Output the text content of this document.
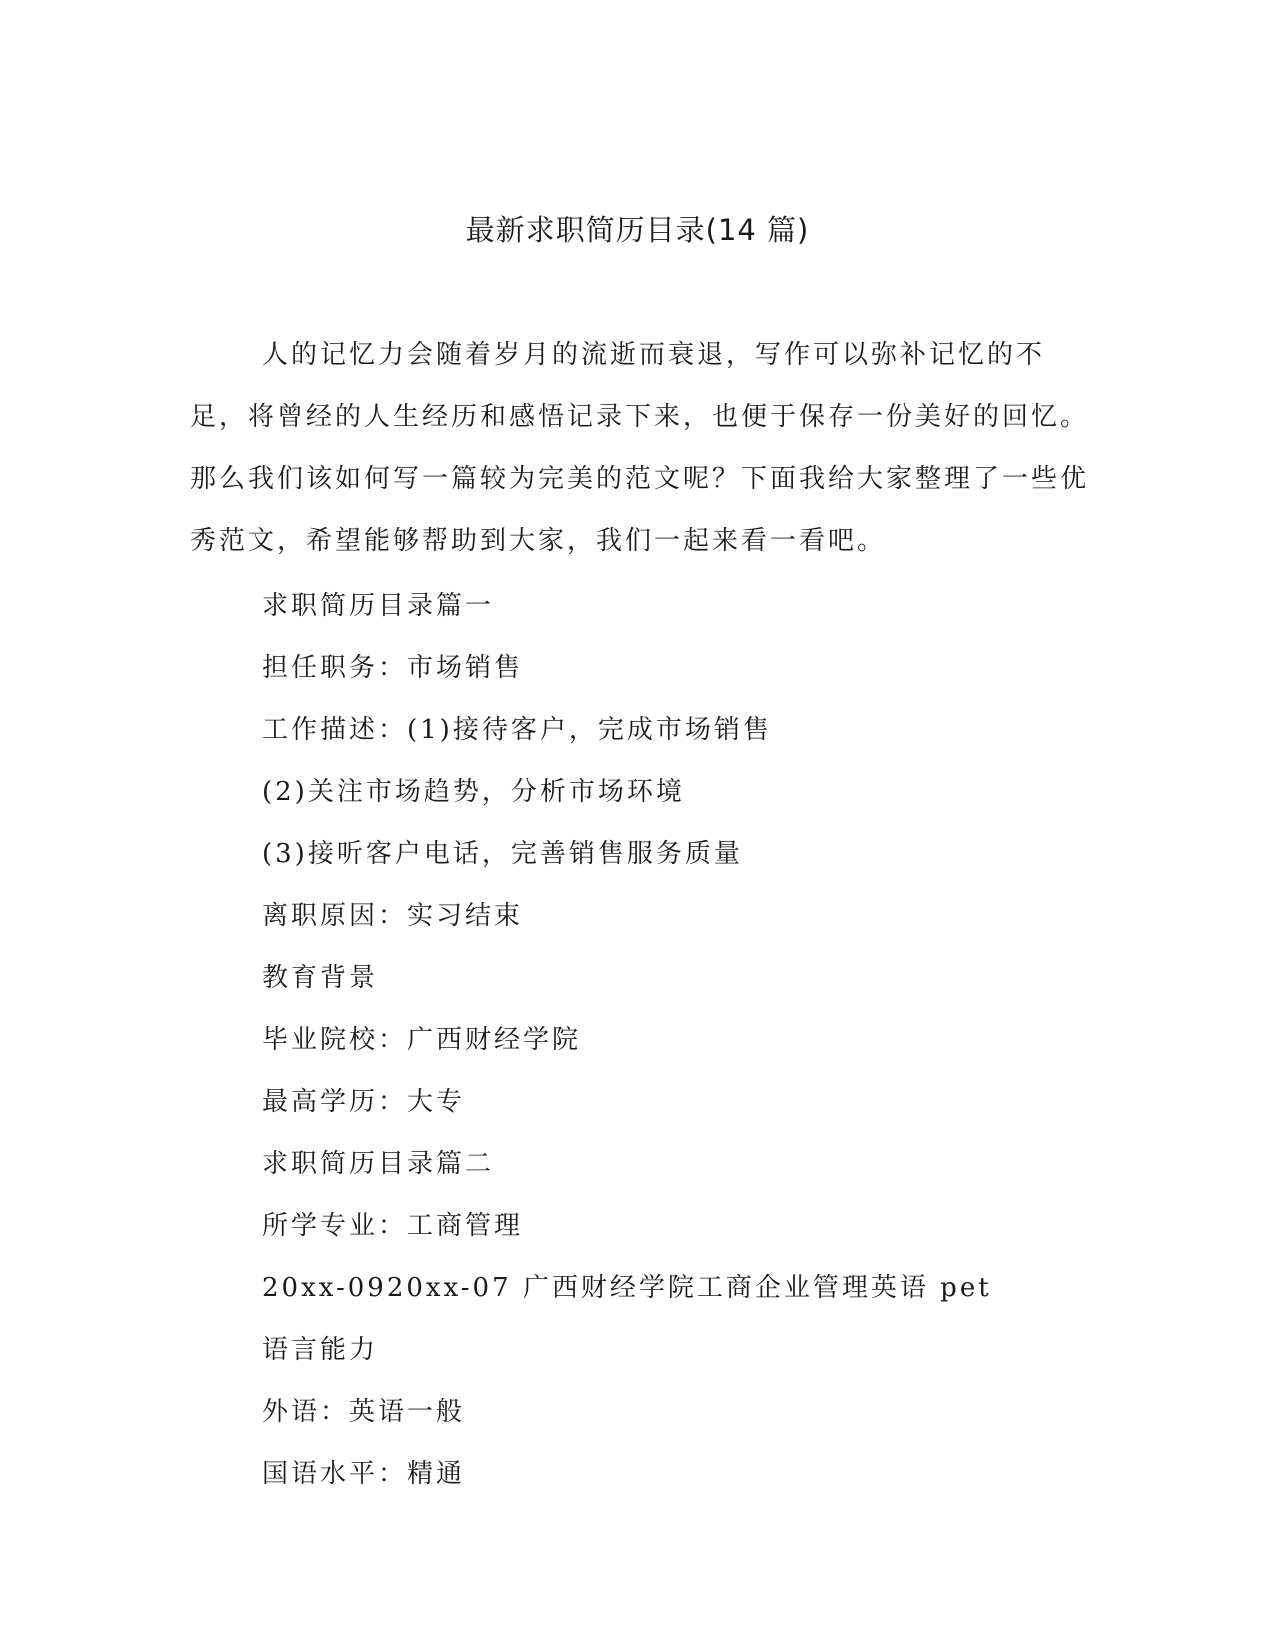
最新求职简历目录(14 篇)

人的记忆力会随着岁月的流逝而衰退，写作可以弥补记忆的不足，将曾经的人生经历和感悟记录下来，也便于保存一份美好的回忆。那么我们该如何写一篇较为完美的范文呢？下面我给大家整理了一些优秀范文，希望能够帮助到大家，我们一起来看一看吧。

求职简历目录篇一
担任职务：市场销售
工作描述：(1)接待客户，完成市场销售
(2)关注市场趋势，分析市场环境
(3)接听客户电话，完善销售服务质量
离职原因：实习结束
教育背景
毕业院校：广西财经学院
最高学历：大专
求职简历目录篇二
所学专业：工商管理
20xx-0920xx-07 广西财经学院工商企业管理英语 pet
语言能力
外语：英语一般
国语水平：精通
